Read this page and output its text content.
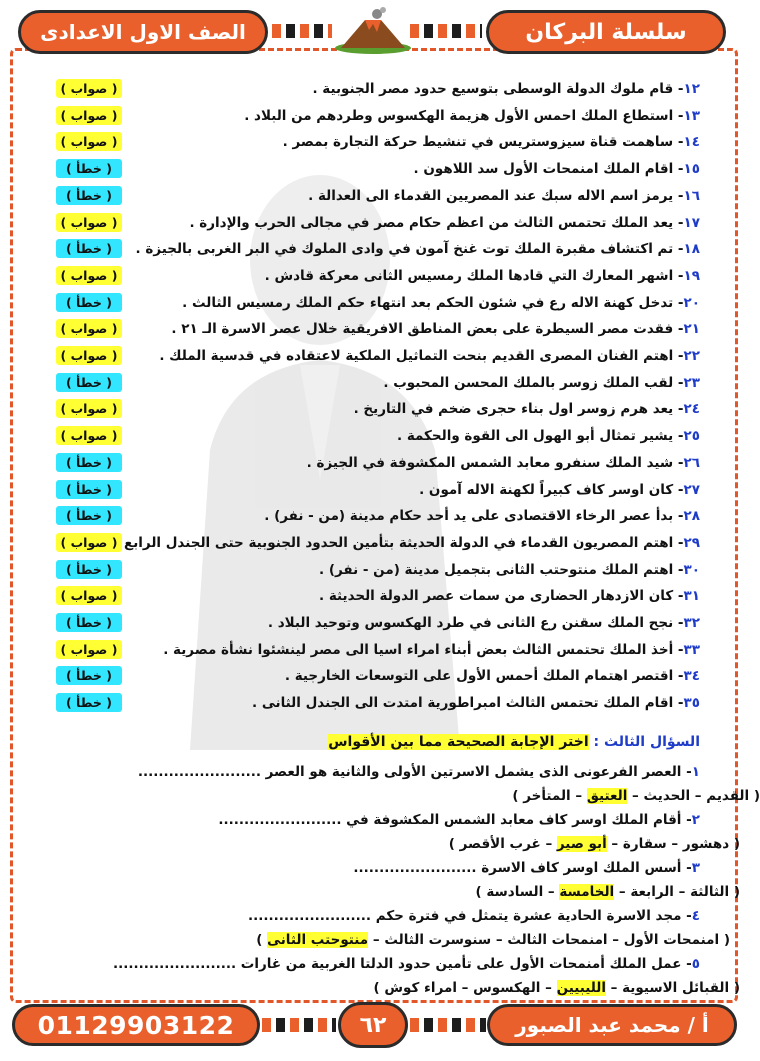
سلسلة البركان
الصف الاول الاعدادى
١٢- قام ملوك الدولة الوسطى بتوسيع حدود مصر الجنوبية .
( صواب )
١٣- استطاع الملك احمس الأول هزيمة الهكسوس وطردهم من البلاد .
( صواب )
١٤- ساهمت قناة سيزوستريس في تنشيط حركة التجارة بمصر .
( صواب )
١٥- اقام الملك امنمحات الأول سد اللاهون .
( خطأ )
١٦- يرمز اسم الاله سبك عند المصريين القدماء الى العدالة .
( خطأ )
١٧- يعد الملك تحتمس الثالث من اعظم حكام مصر في مجالى الحرب والإدارة .
( صواب )
١٨- تم اكتشاف مقبرة الملك توت غنخ آمون في وادى الملوك في البر الغربى بالجيزة .
( خطأ )
١٩- اشهر المعارك التي قادها الملك رمسيس الثانى معركة قادش .
( صواب )
٢٠- تدخل كهنة الاله رع في شئون الحكم بعد انتهاء حكم الملك رمسيس الثالث .
( خطأ )
٢١- فقدت مصر السيطرة على بعض المناطق الافريقية خلال عصر الاسرة الـ ٢١ .
( صواب )
٢٢- اهتم الفنان المصرى القديم بنحت التماثيل الملكية لاعتقاده في قدسية الملك .
( صواب )
٢٣- لقب الملك زوسر بالملك المحسن المحبوب .
( خطأ )
٢٤- يعد هرم زوسر اول بناء حجرى ضخم في التاريخ .
( صواب )
٢٥- يشير تمثال أبو الهول الى القوة والحكمة .
( صواب )
٢٦- شيد الملك سنفرو معابد الشمس المكشوفة في الجيزة .
( خطأ )
٢٧- كان اوسر كاف كبيراً لكهنة الاله آمون .
( خطأ )
٢٨- بدأ عصر الرخاء الاقتصادى على يد أحد حكام مدينة (من - نفر) .
( خطأ )
٢٩- اهتم المصريون القدماء في الدولة الحديثة بتأمين الحدود الجنوبية حتى الجندل الرابع
( صواب )
٣٠- اهتم الملك منتوحتب الثانى بتجميل مدينة (من - نفر) .
( خطأ )
٣١- كان الازدهار الحضارى من سمات عصر الدولة الحديثة .
( صواب )
٣٢- نجح الملك سقنن رع الثانى في طرد الهكسوس وتوحيد البلاد .
( خطأ )
٣٣- أخذ الملك تحتمس الثالث بعض أبناء امراء اسيا الى مصر لينشئوا نشأة مصرية .
( صواب )
٣٤- اقتصر اهتمام الملك أحمس الأول على التوسعات الخارجية .
( خطأ )
٣٥- اقام الملك تحتمس الثالث امبراطورية امتدت الى الجندل الثانى .
( خطأ )
السؤال الثالث : اختر الإجابة الصحيحة مما بين الأقواس
١- العصر الفرعونى الذى يشمل الاسرتين الأولى والثانية هو العصر ........................
( القديم – الحديث – العتيق – المتأخر )
٢- أقام الملك اوسر كاف معابد الشمس المكشوفة في ........................
( دهشور – سقارة – أبو صير – غرب الأقصر )
٣- أسس الملك اوسر كاف الاسرة ........................
( الثالثة – الرابعة – الخامسة – السادسة )
٤- مجد الاسرة الحادية عشرة يتمثل في فترة حكم ........................
( امنمحات الأول – امنمحات الثالث – سنوسرت الثالث – منتوحتب الثانى )
٥- عمل الملك أمنمحات الأول على تأمين حدود الدلتا الغربية من غارات ........................
( القبائل الاسيوية – الليبيين – الهكسوس – امراء كوش )
01129903122	٦٢	أ / محمد عبد الصبور
